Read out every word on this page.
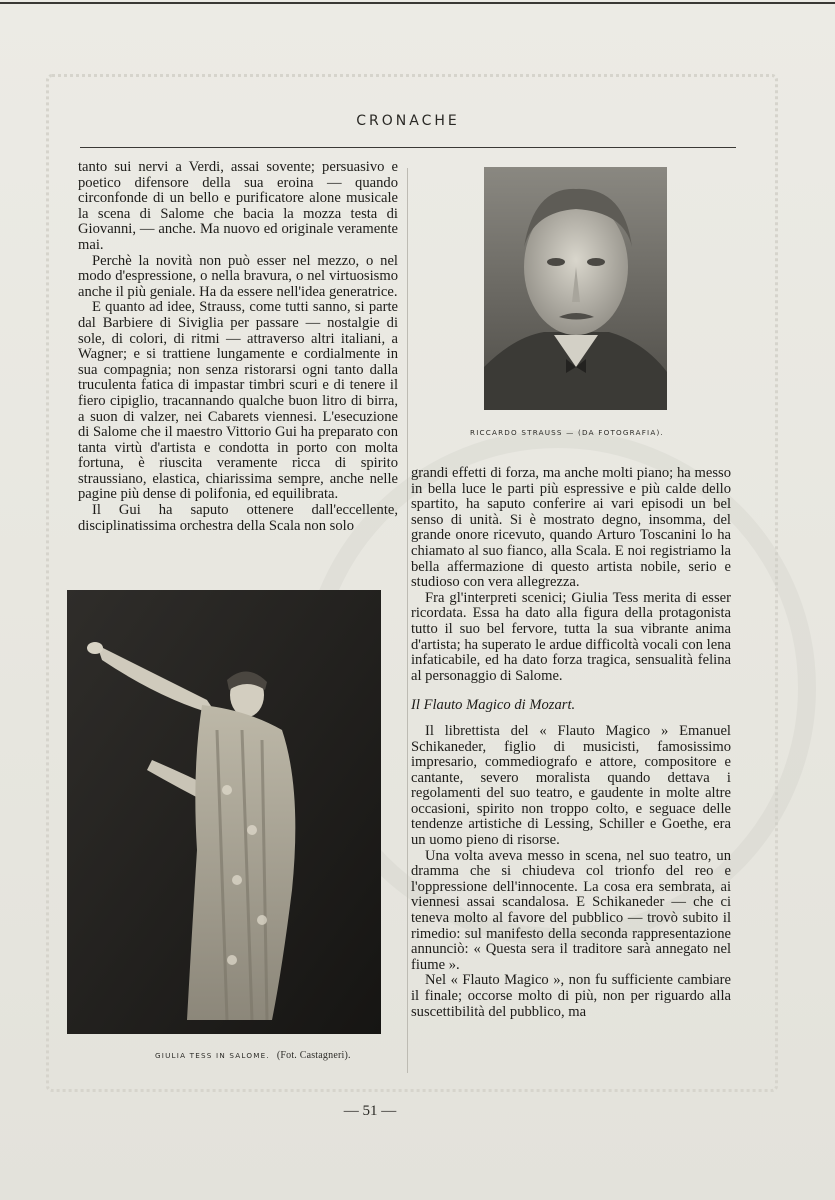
CRONACHE

tanto sui nervi a Verdi, assai sovente; persuasivo e poetico difensore della sua eroina — quando circonfonde di un bello e purificatore alone musicale la scena di Salome che bacia la mozza testa di Giovanni, — anche. Ma nuovo ed originale veramente mai.

Perchè la novità non può esser nel mezzo, o nel modo d'espressione, o nella bravura, o nel virtuosismo anche il più geniale. Ha da essere nell'idea generatrice.

E quanto ad idee, Strauss, come tutti sanno, si parte dal Barbiere di Siviglia per passare — nostalgie di sole, di colori, di ritmi — attraverso altri italiani, a Wagner; e si trattiene lungamente e cordialmente in sua compagnia; non senza ristorarsi ogni tanto dalla truculenta fatica di impastar timbri scuri e di tenere il fiero cipiglio, tracannando qualche buon litro di birra, a suon di valzer, nei Cabarets viennesi. L'esecuzione di Salome che il maestro Vittorio Gui ha preparato con tanta virtù d'artista e condotta in porto con molta fortuna, è riuscita veramente ricca di spirito straussiano, elastica, chiarissima sempre, anche nelle pagine più dense di polifonia, ed equilibrata.

Il Gui ha saputo ottenere dall'eccellente, disciplinatissima orchestra della Scala non solo

RICCARDO STRAUSS — (DA FOTOGRAFIA).

grandi effetti di forza, ma anche molti piano; ha messo in bella luce le parti più espressive e più calde dello spartito, ha saputo conferire ai vari episodi un bel senso di unità. Si è mostrato degno, insomma, del grande onore ricevuto, quando Arturo Toscanini lo ha chiamato al suo fianco, alla Scala. E noi registriamo la bella affermazione di questo artista nobile, serio e studioso con vera allegrezza.

Fra gl'interpreti scenici; Giulia Tess merita di esser ricordata. Essa ha dato alla figura della protagonista tutto il suo bel fervore, tutta la sua vibrante anima d'artista; ha superato le ardue difficoltà vocali con lena infaticabile, ed ha dato forza tragica, sensualità felina al personaggio di Salome.

Il Flauto Magico di Mozart.

Il librettista del « Flauto Magico » Emanuel Schikaneder, figlio di musicisti, famosissimo impresario, commediografo e attore, compositore e cantante, severo moralista quando dettava i regolamenti del suo teatro, e gaudente in molte altre occasioni, spirito non troppo colto, e seguace delle tendenze artistiche di Lessing, Schiller e Goethe, era un uomo pieno di risorse.

Una volta aveva messo in scena, nel suo teatro, un dramma che si chiudeva col trionfo del reo e l'oppressione dell'innocente. La cosa era sembrata, ai viennesi assai scandalosa. E Schikaneder — che ci teneva molto al favore del pubblico — trovò subito il rimedio: sul manifesto della seconda rappresentazione annunciò: « Questa sera il traditore sarà annegato nel fiume ».

Nel « Flauto Magico », non fu sufficiente cambiare il finale; occorse molto di più, non per riguardo alla suscettibilità del pubblico, ma

GIULIA TESS IN SALOME. (Fot. Castagneri).
— 51 —
